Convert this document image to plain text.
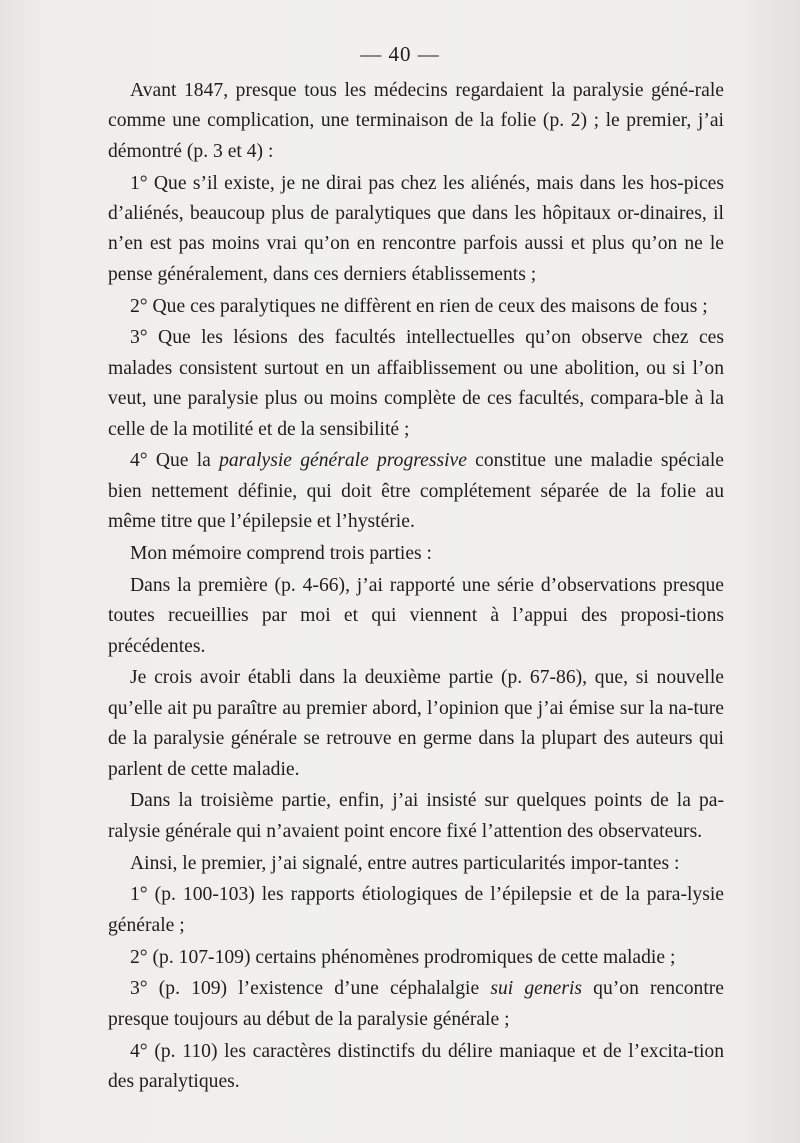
— 40 —

Avant 1847, presque tous les médecins regardaient la paralysie géné-rale comme une complication, une terminaison de la folie (p. 2) ; le premier, j’ai démontré (p. 3 et 4) :

1° Que s’il existe, je ne dirai pas chez les aliénés, mais dans les hos-pices d’aliénés, beaucoup plus de paralytiques que dans les hôpitaux or-dinaires, il n’en est pas moins vrai qu’on en rencontre parfois aussi et plus qu’on ne le pense généralement, dans ces derniers établissements ;

2° Que ces paralytiques ne diffèrent en rien de ceux des maisons de fous ;

3° Que les lésions des facultés intellectuelles qu’on observe chez ces malades consistent surtout en un affaiblissement ou une abolition, ou si l’on veut, une paralysie plus ou moins complète de ces facultés, compara-ble à la celle de la motilité et de la sensibilité ;

4° Que la paralysie générale progressive constitue une maladie spéciale bien nettement définie, qui doit être complétement séparée de la folie au même titre que l’épilepsie et l’hystérie.

Mon mémoire comprend trois parties :

Dans la première (p. 4-66), j’ai rapporté une série d’observations presque toutes recueillies par moi et qui viennent à l’appui des proposi-tions précédentes.

Je crois avoir établi dans la deuxième partie (p. 67-86), que, si nouvelle qu’elle ait pu paraître au premier abord, l’opinion que j’ai émise sur la na-ture de la paralysie générale se retrouve en germe dans la plupart des auteurs qui parlent de cette maladie.

Dans la troisième partie, enfin, j’ai insisté sur quelques points de la pa-ralysie générale qui n’avaient point encore fixé l’attention des observateurs.

Ainsi, le premier, j’ai signalé, entre autres particularités impor-tantes :

1° (p. 100-103) les rapports étiologiques de l’épilepsie et de la para-lysie générale ;

2° (p. 107-109) certains phénomènes prodromiques de cette maladie ;

3° (p. 109) l’existence d’une céphalalgie sui generis qu’on rencontre presque toujours au début de la paralysie générale ;

4° (p. 110) les caractères distinctifs du délire maniaque et de l’excita-tion des paralytiques.
